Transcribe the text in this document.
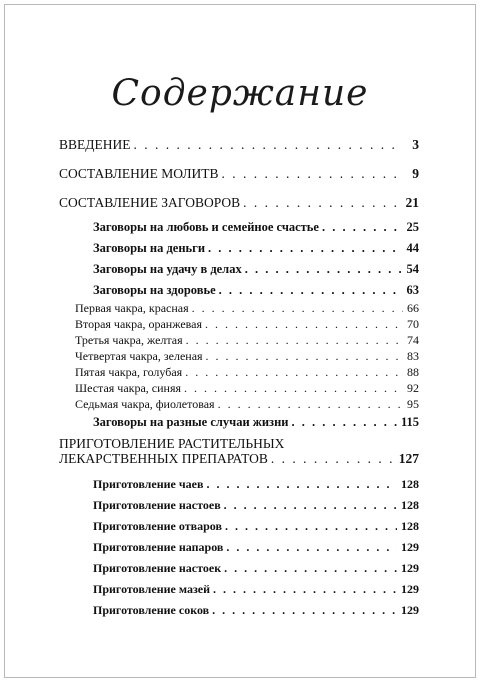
Содержание
ВВЕДЕНИЕ . . .	3
СОСТАВЛЕНИЕ МОЛИТВ . . .	9
СОСТАВЛЕНИЕ ЗАГОВОРОВ . . .	21
Заговоры на любовь и семейное счастье . . .	25
Заговоры на деньги . . .	44
Заговоры на удачу в делах . . .	54
Заговоры на здоровье . . .	63
Первая чакра, красная . . .	66
Вторая чакра, оранжевая . . .	70
Третья чакра, желтая . . .	74
Четвертая чакра, зеленая . . .	83
Пятая чакра, голубая . . .	88
Шестая чакра, синяя . . .	92
Седьмая чакра, фиолетовая . . .	95
Заговоры на разные случаи жизни . . .	115
ПРИГОТОВЛЕНИЕ РАСТИТЕЛЬНЫХ
ЛЕКАРСТВЕННЫХ ПРЕПАРАТОВ . . .	127
Приготовление чаев . . .	128
Приготовление настоев . . .	128
Приготовление отваров . . .	128
Приготовление напаров . . .	129
Приготовление настоек . . .	129
Приготовление мазей . . .	129
Приготовление соков . . .	129
